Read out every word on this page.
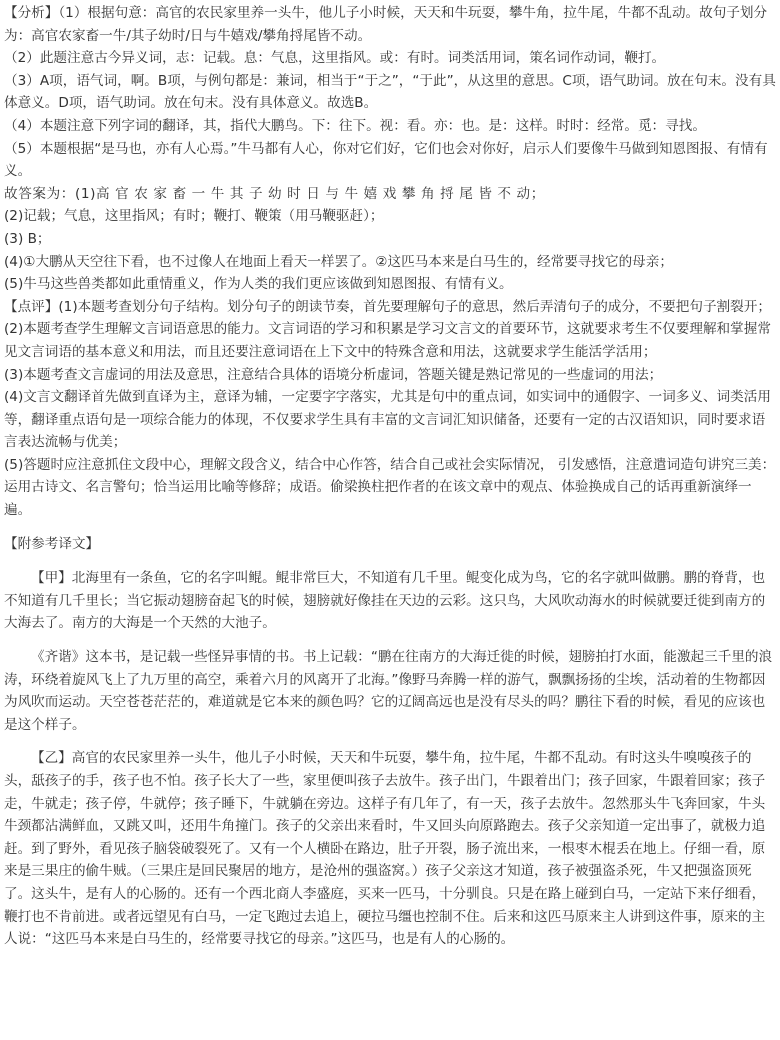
【分析】（1）根据句意：高官的农民家里养一头牛，他儿子小时候，天天和牛玩耍，攀牛角，拉牛尾，牛都不乱动。故句子划分为：高官农家畜一牛/其子幼时/日与牛嬉戏/攀角捋尾皆不动。

（2）此题注意古今异义词，志：记载。息：气息，这里指风。或：有时。词类活用词，策名词作动词，鞭打。

（3）A项，语气词，啊。B项，与例句都是：兼词，相当于“于之”，“于此”，从这里的意思。C项，语气助词。放在句末。没有具体意义。D项，语气助词。放在句末。没有具体意义。故选B。

（4）本题注意下列字词的翻译，其，指代大鹏鸟。下：往下。视：看。亦：也。是：这样。时时：经常。觅：寻找。

（5）本题根据“是马也，亦有人心焉。”牛马都有人心，你对它们好，它们也会对你好，启示人们要像牛马做到知恩图报、有情有义。

故答案为：(1)高 官 农 家 畜 一 牛 其 子 幼 时 日 与 牛 嬉 戏 攀 角 捋 尾 皆 不 动；

(2)记载；气息，这里指风；有时；鞭打、鞭策（用马鞭驱赶）；

(3) B；

(4)①大鹏从天空往下看，也不过像人在地面上看天一样罢了。②这匹马本来是白马生的，经常要寻找它的母亲；

(5)牛马这些兽类都如此重情重义，作为人类的我们更应该做到知恩图报、有情有义。

【点评】(1)本题考查划分句子结构。划分句子的朗读节奏，首先要理解句子的意思，然后弄清句子的成分，不要把句子割裂开；

(2)本题考查学生理解文言词语意思的能力。文言词语的学习和积累是学习文言文的首要环节，这就要求考生不仅要理解和掌握常见文言词语的基本意义和用法，而且还要注意词语在上下文中的特殊含意和用法，这就要求学生能活学活用；

(3)本题考查文言虚词的用法及意思，注意结合具体的语境分析虚词，答题关键是熟记常见的一些虚词的用法；

(4)文言文翻译首先做到直译为主，意译为辅，一定要字字落实，尤其是句中的重点词，如实词中的通假字、一词多义、词类活用等，翻译重点语句是一项综合能力的体现，不仅要求学生具有丰富的文言词汇知识储备，还要有一定的古汉语知识，同时要求语言表达流畅与优美；

(5)答题时应注意抓住文段中心，理解文段含义，结合中心作答，结合自己或社会实际情况， 引发感悟，注意遣词造句讲究三美：运用古诗文、名言警句；恰当运用比喻等修辞；成语。偷梁换柱把作者的在该文章中的观点、体验换成自己的话再重新演绎一遍。

【附参考译文】

【甲】北海里有一条鱼，它的名字叫鲲。鲲非常巨大，不知道有几千里。鲲变化成为鸟，它的名字就叫做鹏。鹏的脊背，也不知道有几千里长；当它振动翅膀奋起飞的时候，翅膀就好像挂在天边的云彩。这只鸟，大风吹动海水的时候就要迁徙到南方的大海去了。南方的大海是一个天然的大池子。

《齐谐》这本书，是记载一些怪异事情的书。书上记载：“鹏在往南方的大海迁徙的时候，翅膀拍打水面，能激起三千里的浪涛，环绕着旋风飞上了九万里的高空，乘着六月的风离开了北海。”像野马奔腾一样的游气，飘飘扬扬的尘埃，活动着的生物都因为风吹而运动。天空苍苍茫茫的，难道就是它本来的颜色吗？它的辽阔高远也是没有尽头的吗？鹏往下看的时候，看见的应该也是这个样子。

【乙】高官的农民家里养一头牛，他儿子小时候，天天和牛玩耍，攀牛角，拉牛尾，牛都不乱动。有时这头牛嗅嗅孩子的头，舐孩子的手，孩子也不怕。孩子长大了一些，家里便叫孩子去放牛。孩子出门，牛跟着出门；孩子回家，牛跟着回家；孩子走，牛就走；孩子停，牛就停；孩子睡下，牛就躺在旁边。这样子有几年了，有一天，孩子去放牛。忽然那头牛飞奔回家，牛头牛颈都沾满鲜血，又跳又叫，还用牛角撞门。孩子的父亲出来看时，牛又回头向原路跑去。孩子父亲知道一定出事了，就极力追赶。到了野外，看见孩子脑袋破裂死了。又有一个人横卧在路边，肚子开裂，肠子流出来，一根枣木棍丢在地上。仔细一看，原来是三果庄的偷牛贼。（三果庄是回民聚居的地方，是沧州的强盗窝。）孩子父亲这才知道，孩子被强盗杀死，牛又把强盗顶死了。这头牛，是有人的心肠的。还有一个西北商人李盛庭，买来一匹马，十分驯良。只是在路上碰到白马，一定站下来仔细看，鞭打也不肯前进。或者远望见有白马，一定飞跑过去追上，硬拉马缰也控制不住。后来和这匹马原来主人讲到这件事，原来的主人说：“这匹马本来是白马生的，经常要寻找它的母亲。”这匹马，也是有人的心肠的。
